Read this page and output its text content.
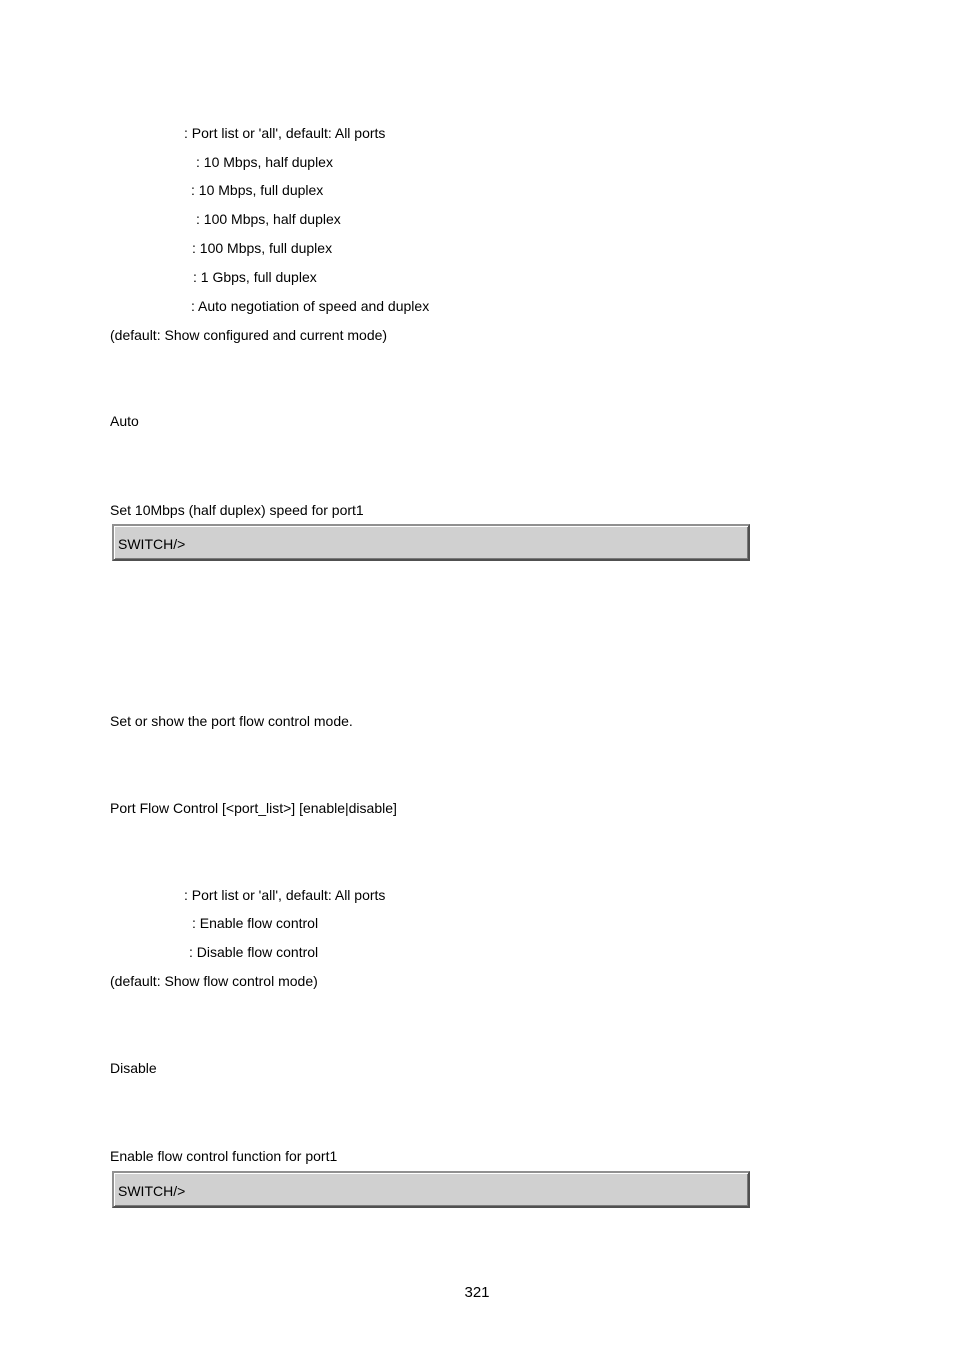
: Port list or 'all', default: All ports
: 10 Mbps, half duplex
: 10 Mbps, full duplex
: 100 Mbps, half duplex
: 100 Mbps, full duplex
: 1 Gbps, full duplex
: Auto negotiation of speed and duplex
(default: Show configured and current mode)
Auto
Set 10Mbps (half duplex) speed for port1
SWITCH/>
Set or show the port flow control mode.
Port Flow Control [<port_list>] [enable|disable]
: Port list or 'all', default: All ports
: Enable flow control
: Disable flow control
(default: Show flow control mode)
Disable
Enable flow control function for port1
SWITCH/>
321
